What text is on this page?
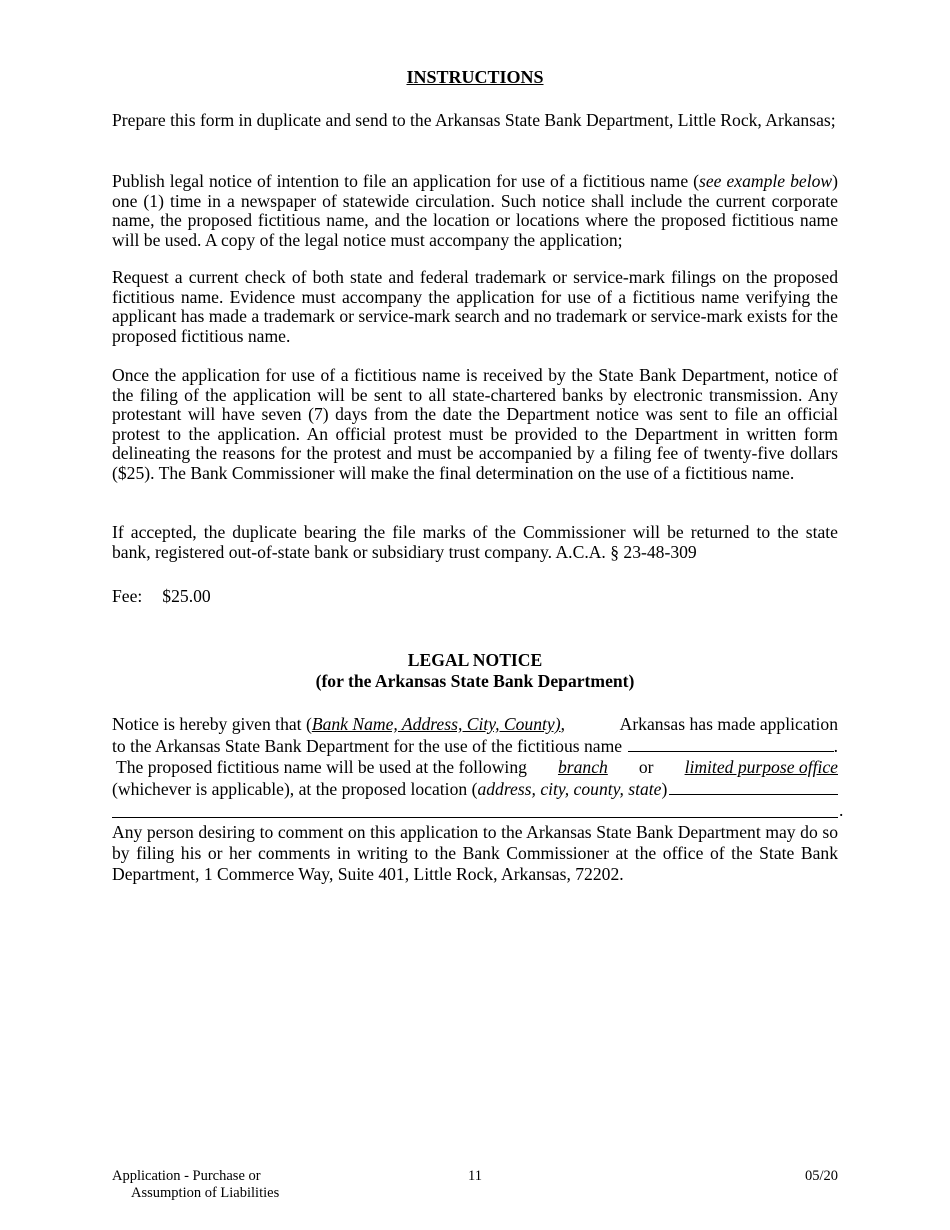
INSTRUCTIONS

Prepare this form in duplicate and send to the Arkansas State Bank Department, Little Rock, Arkansas;

Publish legal notice of intention to file an application for use of a fictitious name (see example below) one (1) time in a newspaper of statewide circulation. Such notice shall include the current corporate name, the proposed fictitious name, and the location or locations where the proposed fictitious name will be used. A copy of the legal notice must accompany the application;

Request a current check of both state and federal trademark or service-mark filings on the proposed fictitious name. Evidence must accompany the application for use of a fictitious name verifying the applicant has made a trademark or service-mark search and no trademark or service-mark exists for the proposed fictitious name.

Once the application for use of a fictitious name is received by the State Bank Department, notice of the filing of the application will be sent to all state-chartered banks by electronic transmission. Any protestant will have seven (7) days from the date the Department notice was sent to file an official protest to the application. An official protest must be provided to the Department in written form delineating the reasons for the protest and must be accompanied by a filing fee of twenty-five dollars ($25). The Bank Commissioner will make the final determination on the use of a fictitious name.

If accepted, the duplicate bearing the file marks of the Commissioner will be returned to the state bank, registered out-of-state bank or subsidiary trust company. A.C.A. § 23-48-309

Fee: $25.00

LEGAL NOTICE
(for the Arkansas State Bank Department)
Notice is hereby given that (Bank Name, Address, City, County),	Arkansas has made application
to the Arkansas State Bank Department for the use of the fictitious name	.
The proposed fictitious name will be used at the following branch or limited purpose office
(whichever is applicable), at the proposed location ( address, city, county, state )
.

Any person desiring to comment on this application to the Arkansas State Bank Department may do so by filing his or her comments in writing to the Bank Commissioner at the office of the State Bank Department, 1 Commerce Way, Suite 401, Little Rock, Arkansas, 72202.

Application - Purchase or
Assumption of Liabilities
11	05/20
